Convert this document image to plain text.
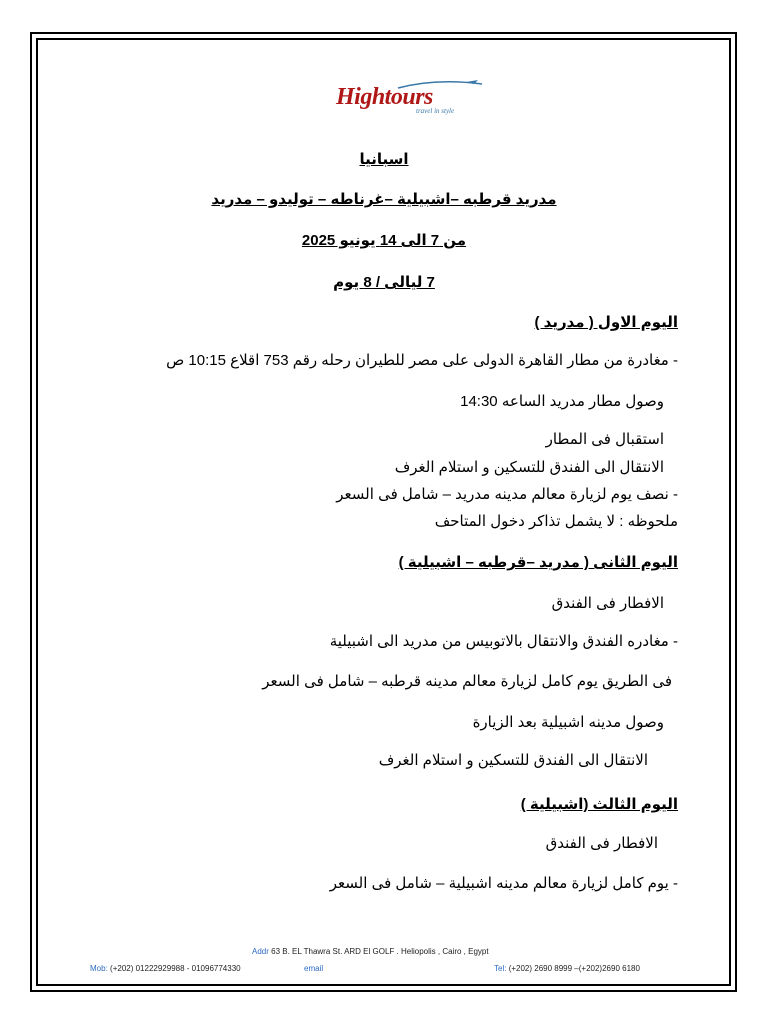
Hightours
travel in style
اسبانيا
مدريد قرطبه –اشبيلية –غرناطه – توليدو – مدريد
من 7 الى 14 يونيو 2025
7 ليالى / 8 يوم
اليوم الاول ( مدريد )
- مغادرة من مطار القاهرة الدولى على مصر للطيران رحله رقم 753 اقلاع 10:15 ص
وصول مطار مدريد الساعه 14:30
استقبال فى المطار
الانتقال الى الفندق للتسكين و استلام الغرف
- نصف يوم لزيارة معالم مدينه مدريد – شامل فى السعر
ملحوظه : لا يشمل تذاكر دخول المتاحف
اليوم الثانى ( مدريد –قرطبه – اشبيلية )
الافطار فى الفندق
- مغادره الفندق والانتقال بالاتوبيس من مدريد الى اشبيلية
فى الطريق يوم كامل لزيارة معالم مدينه قرطبه – شامل فى السعر
وصول مدينه اشبيلية بعد الزيارة
الانتقال الى الفندق للتسكين و استلام الغرف
اليوم الثالث (اشبيلية )
الافطار فى الفندق
- يوم كامل لزيارة معالم مدينه اشبيلية – شامل فى السعر
Addr 63 B. EL Thawra St. ARD El GOLF . Heliopolis , Cairo , Egypt
Mob: (+202) 01222929988 - 01096774330	email	Tel: (+202) 2690 8999 –(+202)2690 6180
